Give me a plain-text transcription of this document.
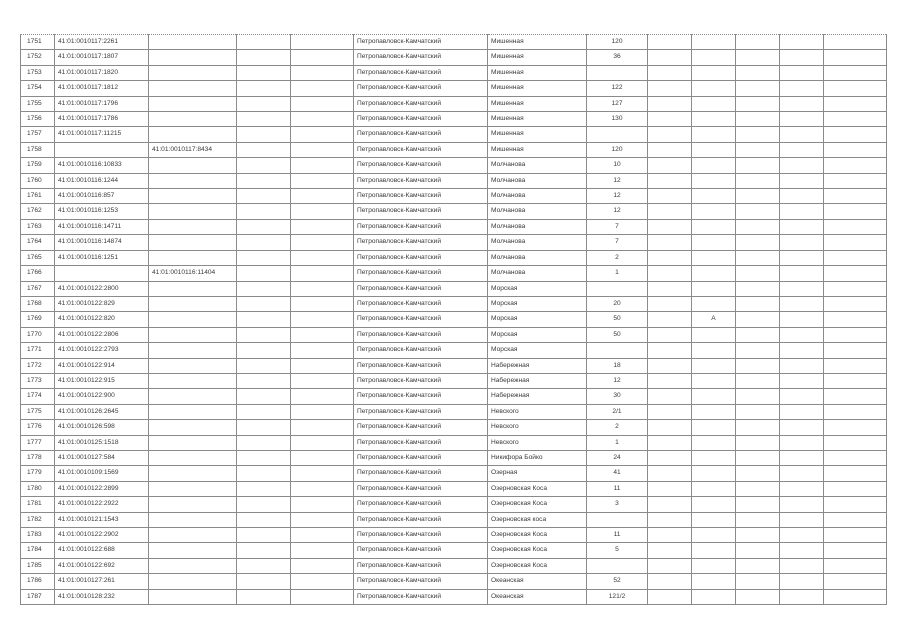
1751	41:01:0010117:2261				Петропавловск-Камчатский	Мишенная	120					
1752	41:01:0010117:1807				Петропавловск-Камчатский	Мишенная	36					
1753	41:01:0010117:1820				Петропавловск-Камчатский	Мишенная						
1754	41:01:0010117:1812				Петропавловск-Камчатский	Мишенная	122					
1755	41:01:0010117:1796				Петропавловск-Камчатский	Мишенная	127					
1756	41:01:0010117:1786				Петропавловск-Камчатский	Мишенная	130					
1757	41:01:0010117:11215				Петропавловск-Камчатский	Мишенная						
1758		41:01:0010117:8434			Петропавловск-Камчатский	Мишенная	120					
1759	41:01:0010116:10833				Петропавловск-Камчатский	Молчанова	10					
1760	41:01:0010116:1244				Петропавловск-Камчатский	Молчанова	12					
1761	41:01:0010116:857				Петропавловск-Камчатский	Молчанова	12					
1762	41:01:0010116:1253				Петропавловск-Камчатский	Молчанова	12					
1763	41:01:0010116:14711				Петропавловск-Камчатский	Молчанова	7					
1764	41:01:0010116:14874				Петропавловск-Камчатский	Молчанова	7					
1765	41:01:0010116:1251				Петропавловск-Камчатский	Молчанова	2					
1766		41:01:0010116:11404			Петропавловск-Камчатский	Молчанова	1					
1767	41:01:0010122:2800				Петропавловск-Камчатский	Морская						
1768	41:01:0010122:829				Петропавловск-Камчатский	Морская	20					
1769	41:01:0010122:820				Петропавловск-Камчатский	Морская	50		А			
1770	41:01:0010122:2806				Петропавловск-Камчатский	Морская	50					
1771	41:01:0010122:2793				Петропавловск-Камчатский	Морская						
1772	41:01:0010122:914				Петропавловск-Камчатский	Набережная	18					
1773	41:01:0010122:915				Петропавловск-Камчатский	Набережная	12					
1774	41:01:0010122:900				Петропавловск-Камчатский	Набережная	30					
1775	41:01:0010126:2645				Петропавловск-Камчатский	Невского	2/1					
1776	41:01:0010126:598				Петропавловск-Камчатский	Невского	2					
1777	41:01:0010125:1518				Петропавловск-Камчатский	Невского	1					
1778	41:01:0010127:584				Петропавловск-Камчатский	Никифора Бойко	24					
1779	41:01:0010109:1569				Петропавловск-Камчатский	Озерная	41					
1780	41:01:0010122:2899				Петропавловск-Камчатский	Озерновская Коса	11					
1781	41:01:0010122:2922				Петропавловск-Камчатский	Озерновская Коса	3					
1782	41:01:0010121:1543				Петропавловск-Камчатский	Озерновская коса						
1783	41:01:0010122:2902				Петропавловск-Камчатский	Озерновская Коса	11					
1784	41:01:0010122:688				Петропавловск-Камчатский	Озерновская Коса	5					
1785	41:01:0010122:692				Петропавловск-Камчатский	Озерновская Коса						
1786	41:01:0010127:261				Петропавловск-Камчатский	Океанская	52					
1787	41:01:0010128:232				Петропавловск-Камчатский	Океанская	121/2					
